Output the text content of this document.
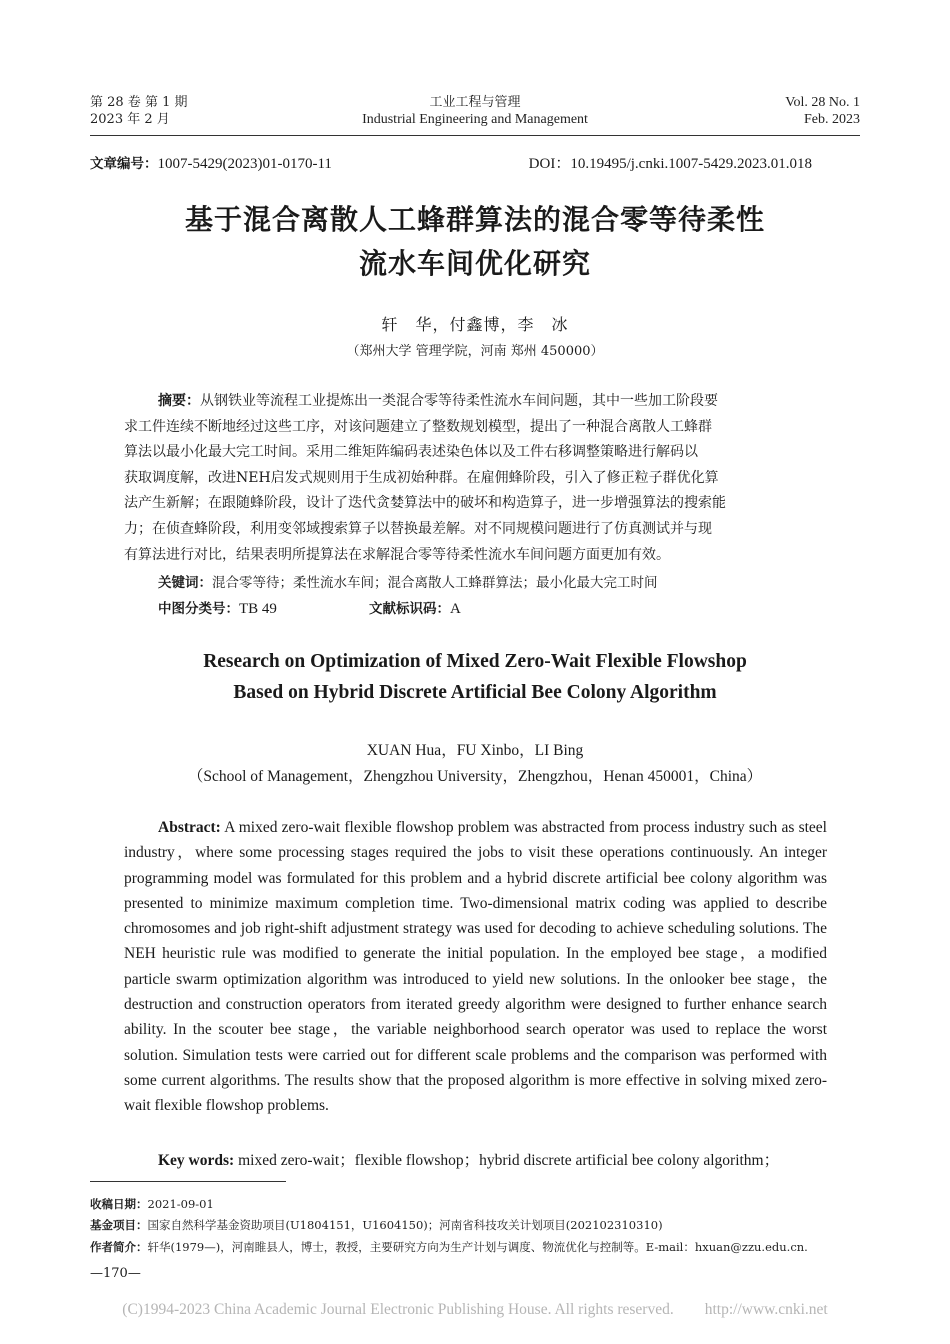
第 28 卷 第 1 期
2023 年 2 月
工业工程与管理
Industrial Engineering and Management
Vol. 28 No. 1
Feb. 2023
文章编号：1007-5429(2023)01-0170-11	DOI：10.19495/j.cnki.1007-5429.2023.01.018
基于混合离散人工蜂群算法的混合零等待柔性
流水车间优化研究
轩　华，付鑫博，李　冰
（郑州大学 管理学院，河南 郑州 450000）
摘要：从钢铁业等流程工业提炼出一类混合零等待柔性流水车间问题，其中一些加工阶段要
求工件连续不断地经过这些工序，对该问题建立了整数规划模型，提出了一种混合离散人工蜂群
算法以最小化最大完工时间。采用二维矩阵编码表述染色体以及工件右移调整策略进行解码以
获取调度解，改进NEH启发式规则用于生成初始种群。在雇佣蜂阶段，引入了修正粒子群优化算
法产生新解；在跟随蜂阶段，设计了迭代贪婪算法中的破坏和构造算子，进一步增强算法的搜索能
力；在侦查蜂阶段，利用变邻域搜索算子以替换最差解。对不同规模问题进行了仿真测试并与现
有算法进行对比，结果表明所提算法在求解混合零等待柔性流水车间问题方面更加有效。
关键词：混合零等待；柔性流水车间；混合离散人工蜂群算法；最小化最大完工时间
中图分类号：TB 49	文献标识码：A
Research on Optimization of Mixed Zero-Wait Flexible Flowshop
Based on Hybrid Discrete Artificial Bee Colony Algorithm
XUAN Hua，FU Xinbo，LI Bing
（School of Management，Zhengzhou University，Zhengzhou，Henan 450001，China）
Abstract: A mixed zero-wait flexible flowshop problem was abstracted from process industry such as steel industry，where some processing stages required the jobs to visit these operations continuously. An integer programming model was formulated for this problem and a hybrid discrete artificial bee colony algorithm was presented to minimize maximum completion time. Two-dimensional matrix coding was applied to describe chromosomes and job right-shift adjustment strategy was used for decoding to achieve scheduling solutions. The NEH heuristic rule was modified to generate the initial population. In the employed bee stage，a modified particle swarm optimization algorithm was introduced to yield new solutions. In the onlooker bee stage，the destruction and construction operators from iterated greedy algorithm were designed to further enhance search ability. In the scouter bee stage，the variable neighborhood search operator was used to replace the worst solution. Simulation tests were carried out for different scale problems and the comparison was performed with some current algorithms. The results show that the proposed algorithm is more effective in solving mixed zero-wait flexible flowshop problems.
Key words: mixed zero-wait；flexible flowshop；hybrid discrete artificial bee colony algorithm；
收稿日期：2021-09-01
基金项目：国家自然科学基金资助项目(U1804151，U1604150)；河南省科技攻关计划项目(202102310310)
作者简介：轩华(1979—)，河南睢县人，博士，教授，主要研究方向为生产计划与调度、物流优化与控制等。E-mail：hxuan@zzu.edu.cn.
—170—
(C)1994-2023 China Academic Journal Electronic Publishing House. All rights reserved.　　http://www.cnki.net
